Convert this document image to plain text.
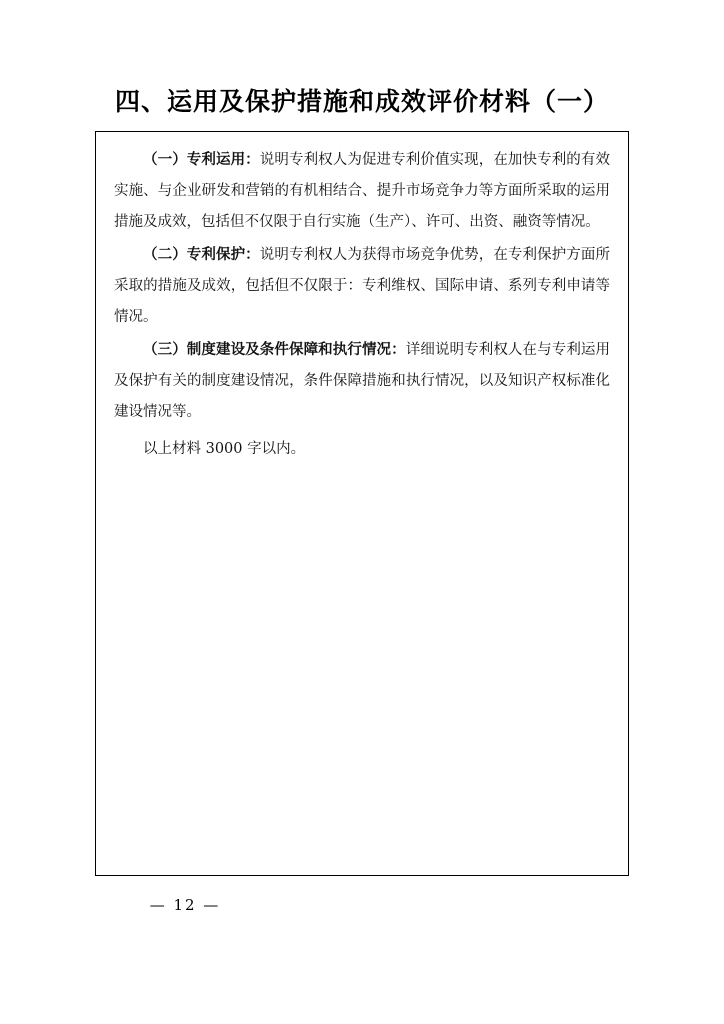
四、运用及保护措施和成效评价材料（一）

（一）专利运用：说明专利权人为促进专利价值实现，在加快专利的有效实施、与企业研发和营销的有机相结合、提升市场竞争力等方面所采取的运用措施及成效，包括但不仅限于自行实施（生产）、许可、出资、融资等情况。

（二）专利保护：说明专利权人为获得市场竞争优势，在专利保护方面所采取的措施及成效，包括但不仅限于：专利维权、国际申请、系列专利申请等情况。

（三）制度建设及条件保障和执行情况：详细说明专利权人在与专利运用及保护有关的制度建设情况，条件保障措施和执行情况，以及知识产权标准化建设情况等。

以上材料 3000 字以内。

— 12 —
